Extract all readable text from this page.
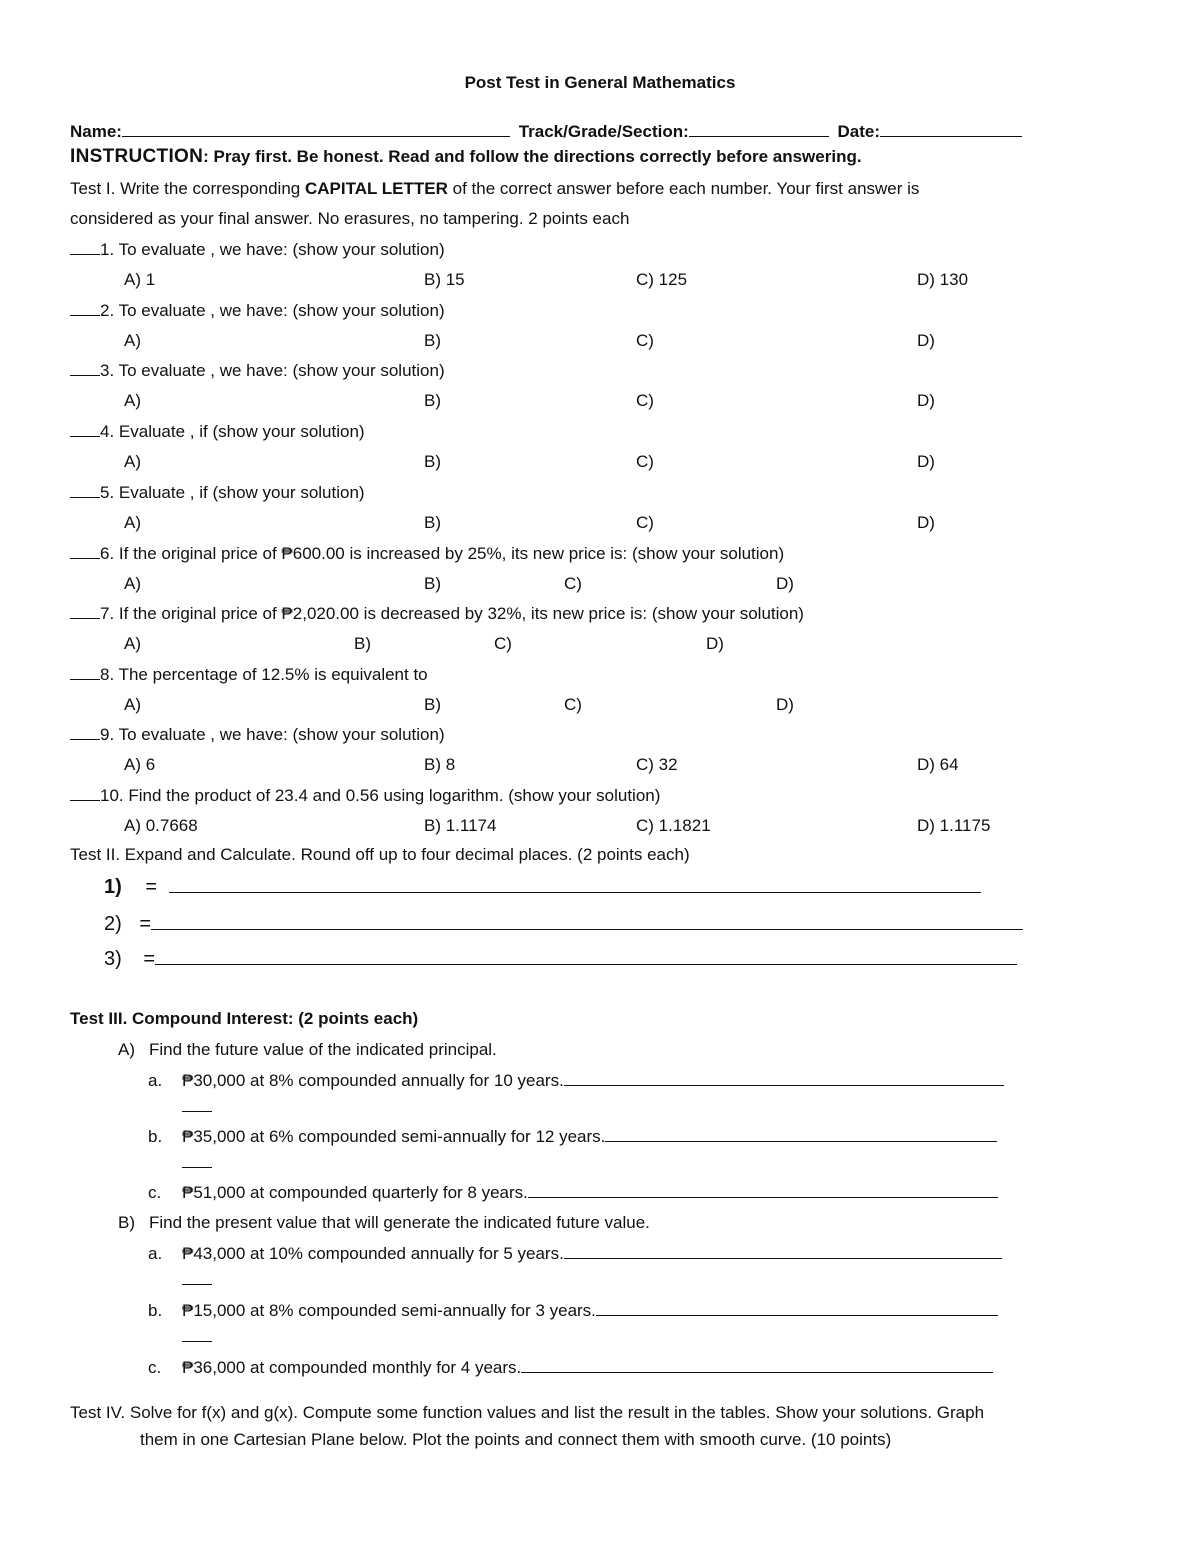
Post Test in General Mathematics
Name:	Track/Grade/Section:	Date:
INSTRUCTION: Pray first. Be honest. Read and follow the directions correctly before answering.
Test I. Write the corresponding CAPITAL LETTER of the correct answer before each number. Your first answer is
considered as your final answer. No erasures, no tampering. 2 points each
1. To evaluate , we have: (show your solution)
A) 1	B) 15	C) 125	D) 130
2. To evaluate , we have: (show your solution)
A)	B)	C)	D)
3. To evaluate , we have: (show your solution)
A)	B)	C)	D)
4. Evaluate , if (show your solution)
A)	B)	C)	D)
5. Evaluate , if (show your solution)
A)	B)	C)	D)
6. If the original price of ₱600.00 is increased by 25%, its new price is: (show your solution)
A)	B)	C)	D)
7. If the original price of ₱2,020.00 is decreased by 32%, its new price is: (show your solution)
A)	B)	C)	D)
8. The percentage of 12.5% is equivalent to
A)	B)	C)	D)
9. To evaluate , we have: (show your solution)
A) 6	B) 8	C) 32	D) 64
10. Find the product of 23.4 and 0.56 using logarithm. (show your solution)
A) 0.7668	B) 1.1174	C) 1.1821	D) 1.1175
Test II. Expand and Calculate. Round off up to four decimal places. (2 points each)
1) =
2) =
3) =
Test III. Compound Interest: (2 points each)
A) Find the future value of the indicated principal.
a. ₱30,000 at 8% compounded annually for 10 years.
b. ₱35,000 at 6% compounded semi-annually for 12 years.
c. ₱51,000 at compounded quarterly for 8 years.
B) Find the present value that will generate the indicated future value.
a. ₱43,000 at 10% compounded annually for 5 years.
b. ₱15,000 at 8% compounded semi-annually for 3 years.
c. ₱36,000 at compounded monthly for 4 years.
Test IV. Solve for f(x) and g(x). Compute some function values and list the result in the tables. Show your solutions. Graph
them in one Cartesian Plane below. Plot the points and connect them with smooth curve. (10 points)
